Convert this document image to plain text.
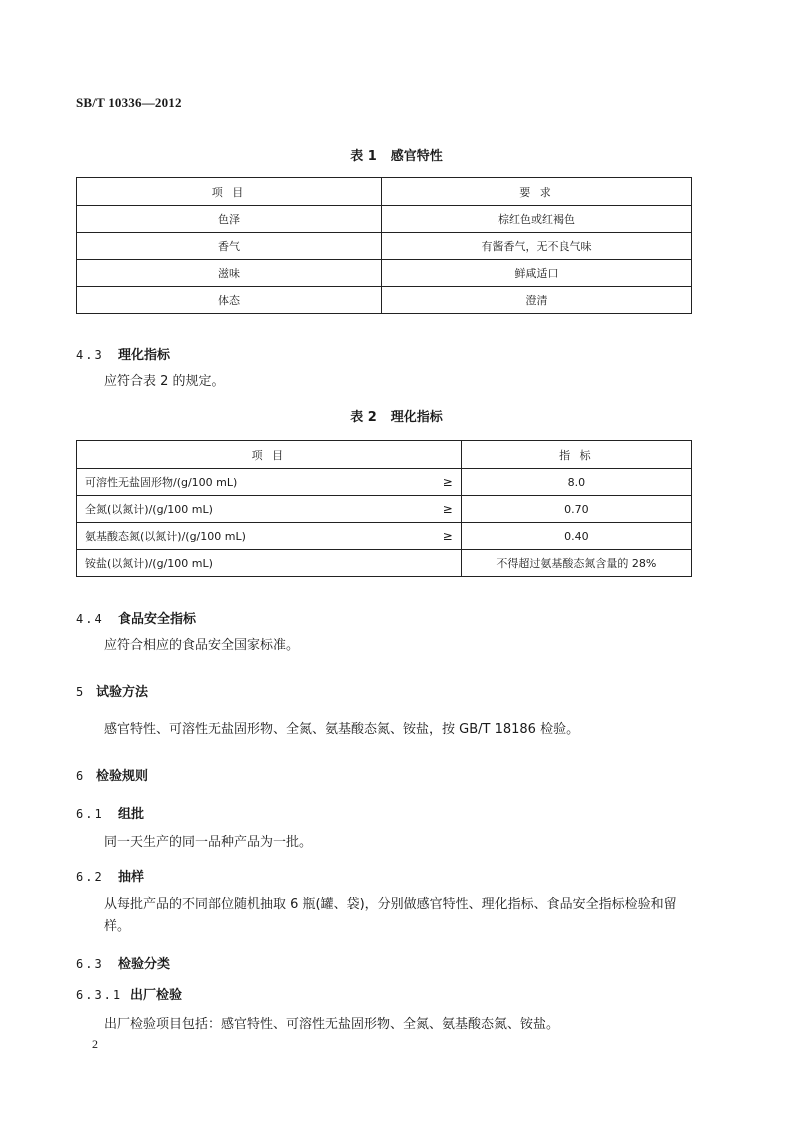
SB/T 10336—2012
表 1 感官特性
项 目	要 求
色泽	棕红色或红褐色
香气	有酱香气，无不良气味
滋味	鲜咸适口
体态	澄清
4.3 理化指标
应符合表 2 的规定。
表 2 理化指标
项 目		指 标
可溶性无盐固形物/(g/100 mL)	≥	8.0
全氮(以氮计)/(g/100 mL)	≥	0.70
氨基酸态氮(以氮计)/(g/100 mL)	≥	0.40
铵盐(以氮计)/(g/100 mL)		不得超过氨基酸态氮含量的 28%
4.4 食品安全指标
应符合相应的食品安全国家标准。
5 试验方法
感官特性、可溶性无盐固形物、全氮、氨基酸态氮、铵盐，按 GB/T 18186 检验。
6 检验规则
6.1 组批
同一天生产的同一品种产品为一批。
6.2 抽样
从每批产品的不同部位随机抽取 6 瓶(罐、袋)，分别做感官特性、理化指标、食品安全指标检验和留样。
6.3 检验分类
6.3.1 出厂检验
出厂检验项目包括：感官特性、可溶性无盐固形物、全氮、氨基酸态氮、铵盐。
2
